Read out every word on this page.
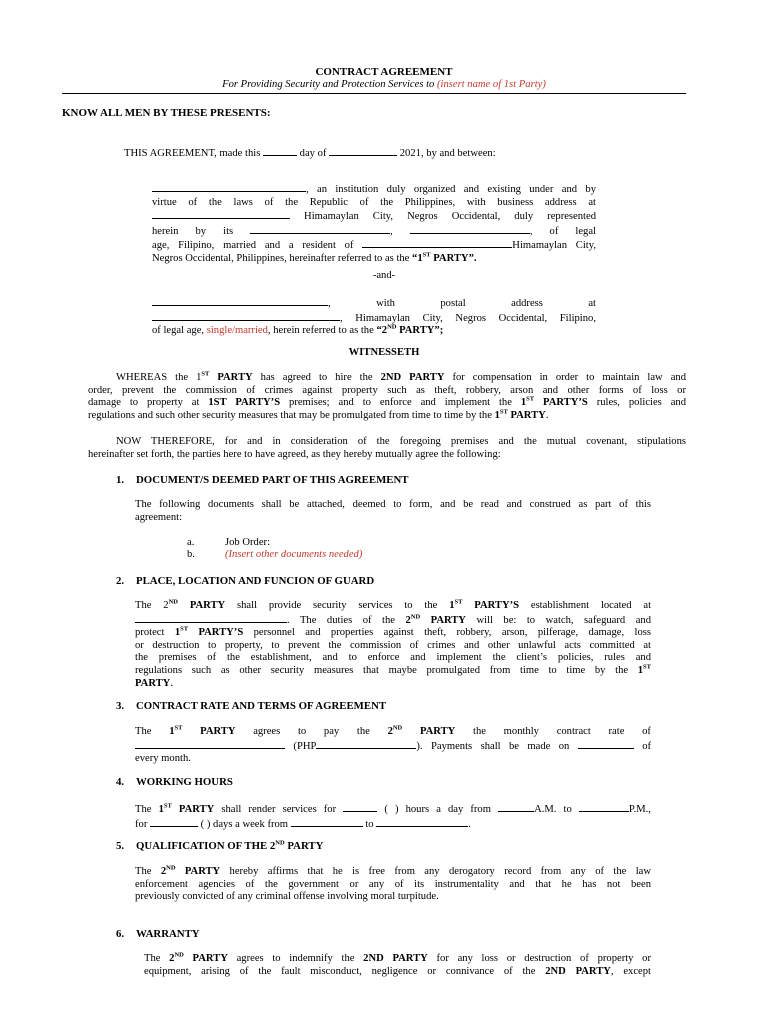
CONTRACT AGREEMENT
For Providing Security and Protection Services to (insert name of 1st Party)
KNOW ALL MEN BY THESE PRESENTS:
THIS AGREEMENT, made this	day of	2021, by and between:
, an institution duly organized and existing under and by
virtue of the laws of the Republic of the Philippines, with business address at
Himamaylan City, Negros Occidental, duly represented
herein by its	,	, of legal
age, Filipino, married and a resident of	Himamaylan City,
Negros Occidental, Philippines, hereinafter referred to as the “1ST PARTY”.
-and-
,	with	postal	address	at
, Himamaylan City, Negros Occidental, Filipino,
of legal age, single/married, herein referred to as the “2ND PARTY”;
WITNESSETH
WHEREAS the 1ST PARTY has agreed to hire the 2ND PARTY for compensation in order to maintain law and
order, prevent the commission of crimes against property such as theft, robbery, arson and other forms of loss or
damage to property at 1ST PARTY’S premises; and to enforce and implement the 1ST PARTY’S rules, policies and
regulations and such other security measures that may be promulgated from time to time by the 1ST PARTY.
NOW THEREFORE, for and in consideration of the foregoing premises and the mutual covenant, stipulations
hereinafter set forth, the parties here to have agreed, as they hereby mutually agree the following:
1. DOCUMENT/S DEEMED PART OF THIS AGREEMENT
The following documents shall be attached, deemed to form, and be read and construed as part of this
agreement:
a.	Job Order:
b.	(Insert other documents needed)
2. PLACE, LOCATION AND FUNCION OF GUARD
The 2ND PARTY shall provide security services to the 1ST PARTY’S establishment located at
. The duties of the 2ND PARTY will be: to watch, safeguard and
protect 1ST PARTY’S personnel and properties against theft, robbery, arson, pilferage, damage, loss
or destruction to property, to prevent the commission of crimes and other unlawful acts committed at
the premises of the establishment, and to enforce and implement the client’s policies, rules and
regulations such as other security measures that maybe promulgated from time to time by the 1ST
PARTY.
3. CONTRACT RATE AND TERMS OF AGREEMENT
The 1ST PARTY agrees to pay the 2ND PARTY the monthly contract rate of
(PHP	). Payments shall be made on	of
every month.
4. WORKING HOURS
The 1ST PARTY shall render services for	( ) hours a day from	A.M. to	P.M.,
for	( ) days a week from	to	.
5. QUALIFICATION OF THE 2ND PARTY
The 2ND PARTY hereby affirms that he is free from any derogatory record from any of the law
enforcement agencies of the government or any of its instrumentality and that he has not been
previously convicted of any criminal offense involving moral turpitude.
6. WARRANTY
The 2ND PARTY agrees to indemnify the 2ND PARTY for any loss or destruction of property or
equipment, arising of the fault misconduct, negligence or connivance of the 2ND PARTY, except
